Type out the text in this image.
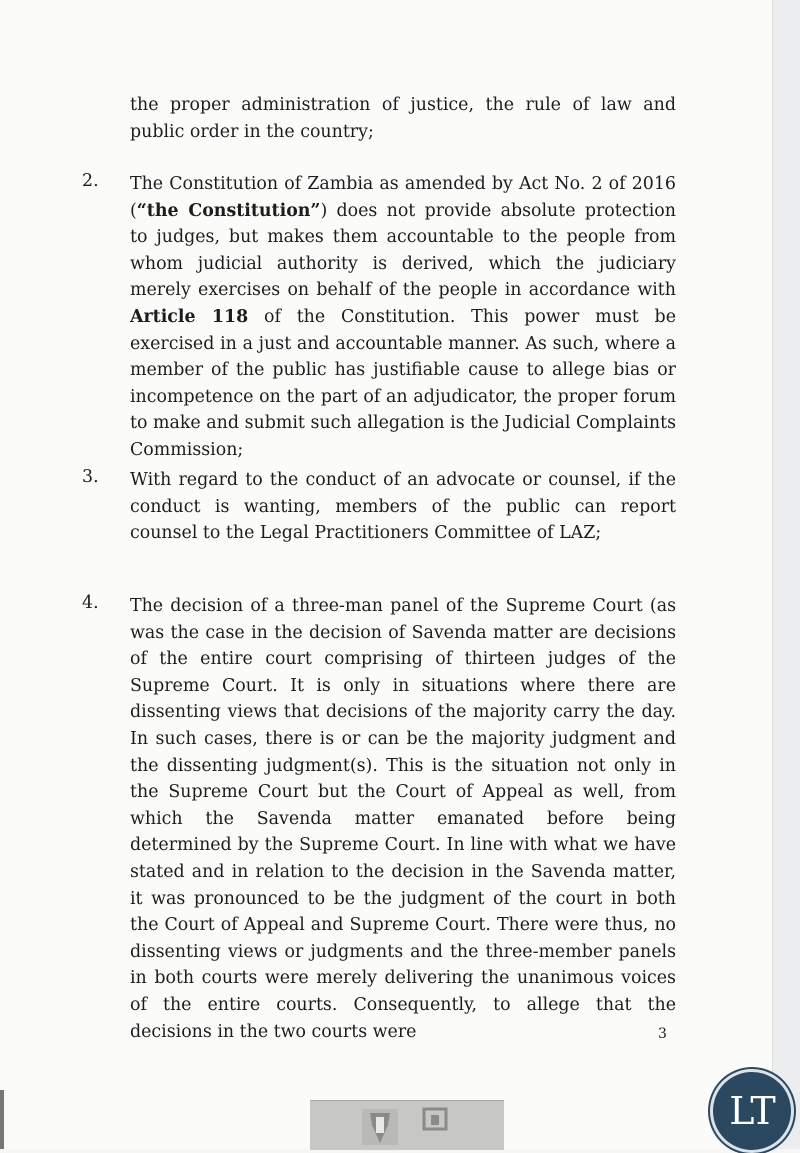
the proper administration of justice, the rule of law and public order in the country;
2. The Constitution of Zambia as amended by Act No. 2 of 2016 (“the Constitution”) does not provide absolute protection to judges, but makes them accountable to the people from whom judicial authority is derived, which the judiciary merely exercises on behalf of the people in accordance with Article 118 of the Constitution. This power must be exercised in a just and accountable manner. As such, where a member of the public has justifiable cause to allege bias or incompetence on the part of an adjudicator, the proper forum to make and submit such allegation is the Judicial Complaints Commission;
3. With regard to the conduct of an advocate or counsel, if the conduct is wanting, members of the public can report counsel to the Legal Practitioners Committee of LAZ;
4. The decision of a three-man panel of the Supreme Court (as was the case in the decision of Savenda matter are decisions of the entire court comprising of thirteen judges of the Supreme Court. It is only in situations where there are dissenting views that decisions of the majority carry the day. In such cases, there is or can be the majority judgment and the dissenting judgment(s). This is the situation not only in the Supreme Court but the Court of Appeal as well, from which the Savenda matter emanated before being determined by the Supreme Court. In line with what we have stated and in relation to the decision in the Savenda matter, it was pronounced to be the judgment of the court in both the Court of Appeal and Supreme Court. There were thus, no dissenting views or judgments and the three-member panels in both courts were merely delivering the unanimous voices of the entire courts. Consequently, to allege that the decisions in the two courts were	3
LT
